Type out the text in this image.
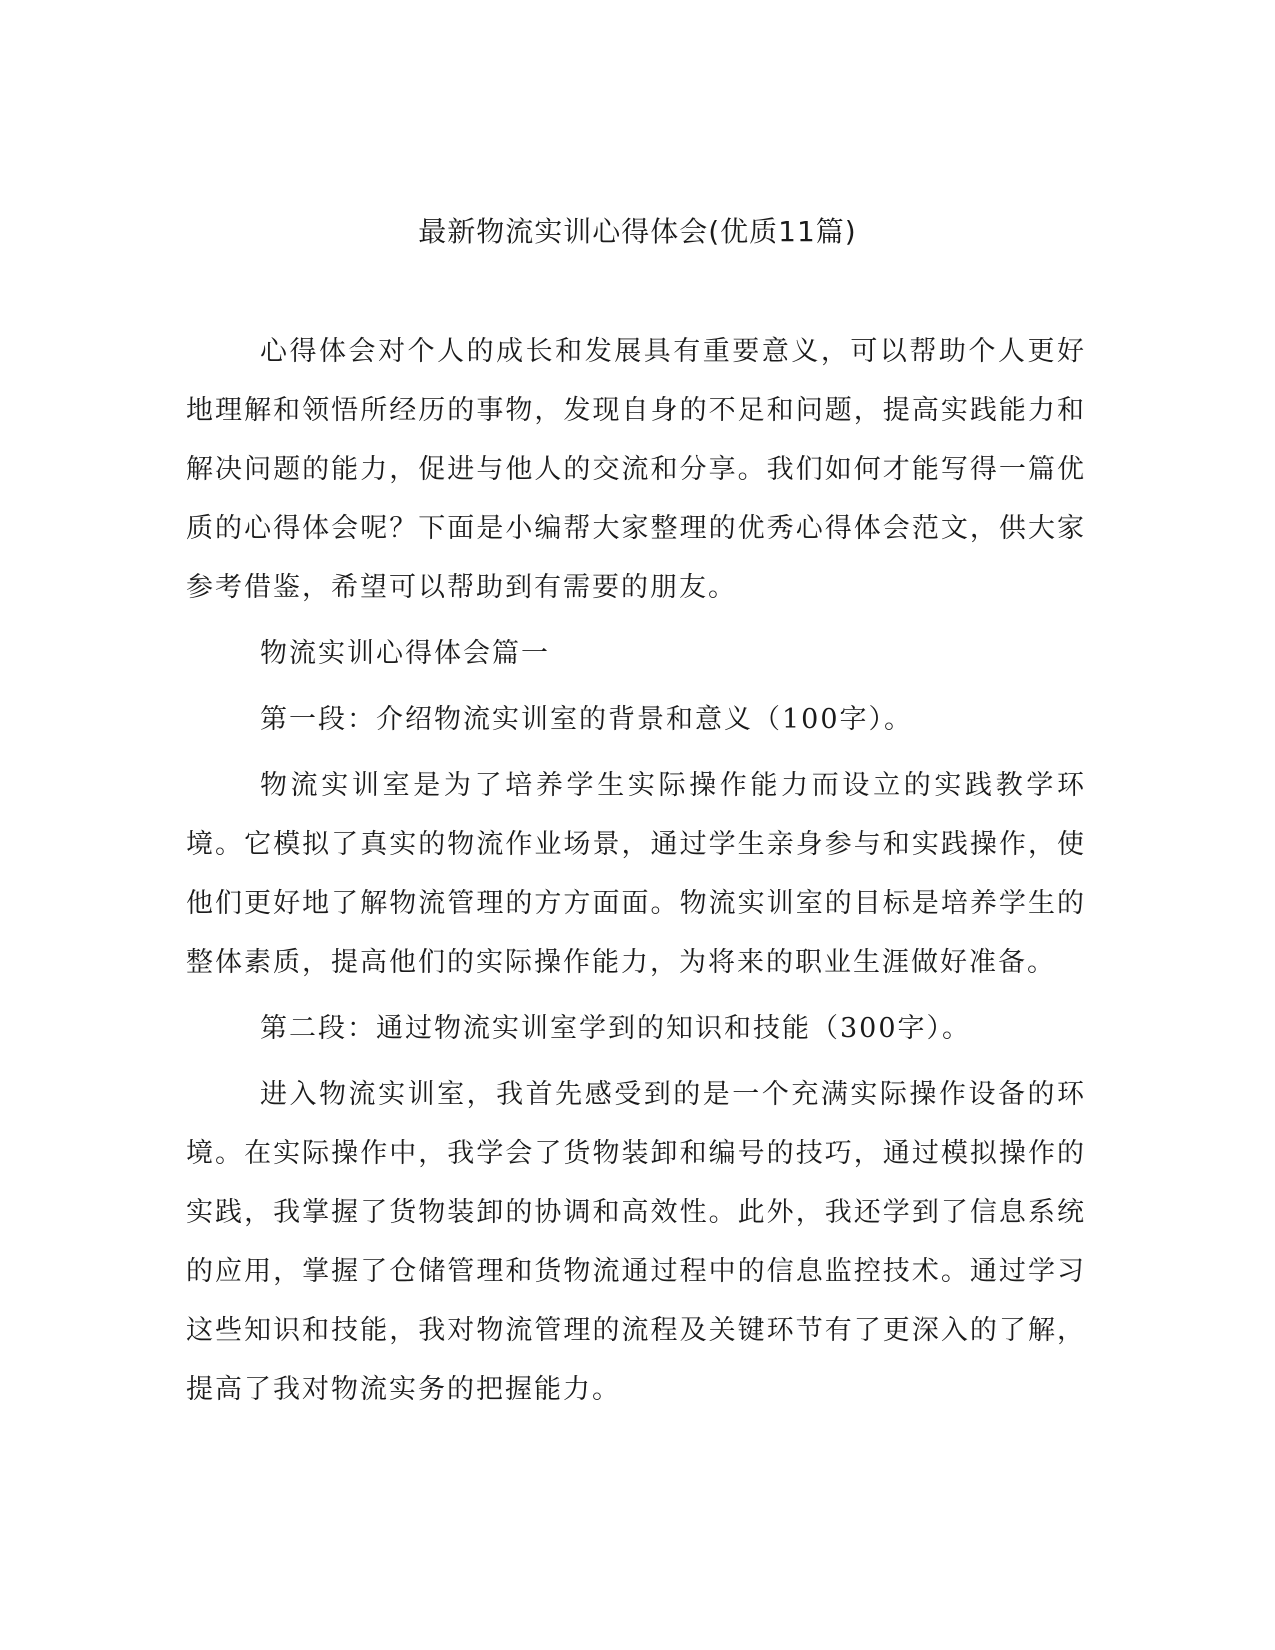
最新物流实训心得体会(优质11篇)

心得体会对个人的成长和发展具有重要意义，可以帮助个人更好地理解和领悟所经历的事物，发现自身的不足和问题，提高实践能力和解决问题的能力，促进与他人的交流和分享。我们如何才能写得一篇优质的心得体会呢？下面是小编帮大家整理的优秀心得体会范文，供大家参考借鉴，希望可以帮助到有需要的朋友。

物流实训心得体会篇一

第一段：介绍物流实训室的背景和意义（100字）。

物流实训室是为了培养学生实际操作能力而设立的实践教学环境。它模拟了真实的物流作业场景，通过学生亲身参与和实践操作，使他们更好地了解物流管理的方方面面。物流实训室的目标是培养学生的整体素质，提高他们的实际操作能力，为将来的职业生涯做好准备。

第二段：通过物流实训室学到的知识和技能（300字）。

进入物流实训室，我首先感受到的是一个充满实际操作设备的环境。在实际操作中，我学会了货物装卸和编号的技巧，通过模拟操作的实践，我掌握了货物装卸的协调和高效性。此外，我还学到了信息系统的应用，掌握了仓储管理和货物流通过程中的信息监控技术。通过学习这些知识和技能，我对物流管理的流程及关键环节有了更深入的了解，提高了我对物流实务的把握能力。
